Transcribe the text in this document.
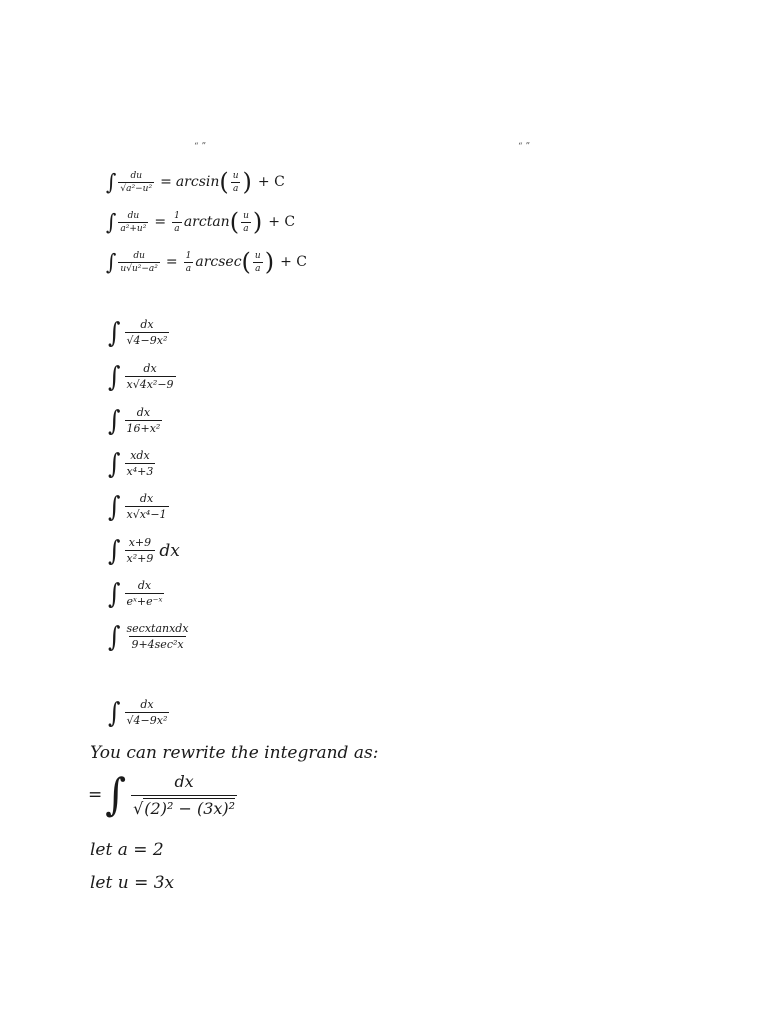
“ ”	“ ”
∫ $\frac{du}{\text{√a²−u²}} = \arcsin$ ( $\frac{u}{a}$ ) + C
∫ $\frac{du}{\text{a²+u²}} = \frac{1}{a}$ arctan ( $\frac{u}{a}$ ) + C
∫ $\frac{du}{\text{u√u²−a²}} = \frac{1}{a}$ arcsec ( $\frac{u}{a}$ ) + C
∫ $\frac{dx}{\text{√4−9x²}}$
∫ $\frac{dx}{\text{x√4x²−9}}$
∫ $\frac{dx}{\text{16+x²}}$
∫ $\frac{\text{xdx}}{\text{x⁴+3}}$
∫ $\frac{dx}{\text{x√x⁴−1}}$
∫ $\frac{x+9}{\text{x²+9}}$ dx
∫ $\frac{dx}{\text{eˣ+e⁻ˣ}}$
∫ $\frac{\text{secxtanxdx}}{\text{9+4sec²x}}$
∫ $\frac{dx}{\text{√4−9x²}}$
You can rewrite the integrand as:
= ∫ $\frac{dx}{\text{√(2)² − (3x)²}}$
let a = 2
let u = 3x
